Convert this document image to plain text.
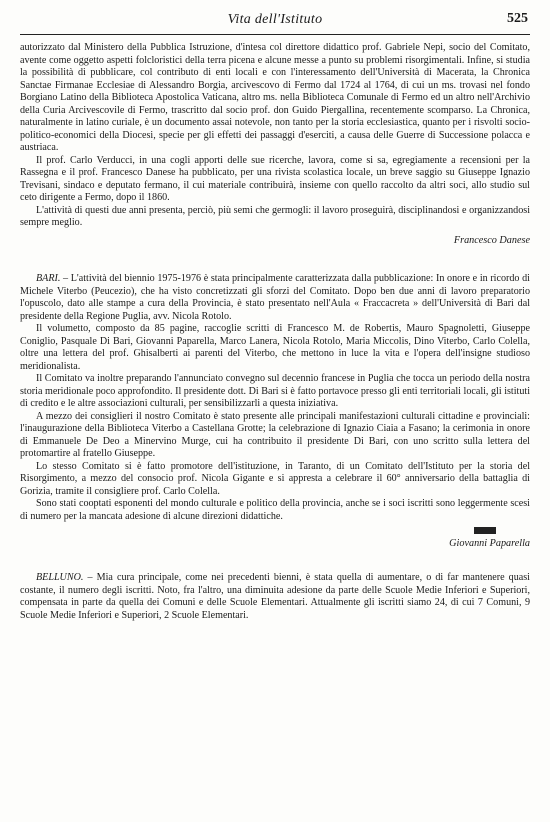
Vita dell'Istituto	525

autorizzato dal Ministero della Pubblica Istruzione, d'intesa col direttore didattico prof. Gabriele Nepi, socio del Comitato, avente come oggetto aspetti folcloristici della terra picena e alcune messe a punto su problemi risorgimentali. Infine, si studia la possibilità di pubblicare, col contributo di enti locali e con l'interessamento dell'Università di Macerata, la Chronica Sanctae Firmanae Ecclesiae di Alessandro Borgia, arcivescovo di Fermo dal 1724 al 1764, di cui un ms. trovasi nel fondo Borgiano Latino della Biblioteca Apostolica Vaticana, altro ms. nella Biblioteca Comunale di Fermo ed un altro nell'Archivio della Curia Arcivescovile di Fermo, trascritto dal socio prof. don Guido Piergallina, recentemente scomparso. La Chronica, naturalmente in latino curiale, è un documento assai notevole, non tanto per la storia ecclesiastica, quanto per i risvolti socio-politico-economici della Diocesi, specie per gli effetti dei passaggi d'eserciti, a causa delle Guerre di Successione polacca e austriaca.

Il prof. Carlo Verducci, in una cogli apporti delle sue ricerche, lavora, come si sa, egregiamente a recensioni per la Rassegna e il prof. Francesco Danese ha pubblicato, per una rivista scolastica locale, un breve saggio su Giuseppe Ignazio Trevisani, sindaco e deputato fermano, il cui materiale contribuirà, insieme con quello raccolto da altri soci, allo studio sul ceto dirigente a Fermo, dopo il 1860.

L'attività di questi due anni presenta, perciò, più semi che germogli: il lavoro proseguirà, disciplinandosi e organizzandosi sempre meglio.

Francesco Danese

BARI. – L'attività del biennio 1975-1976 è stata principalmente caratterizzata dalla pubblicazione: In onore e in ricordo di Michele Viterbo (Peucezio), che ha visto concretizzati gli sforzi del Comitato. Dopo ben due anni di lavoro preparatorio l'opuscolo, dato alle stampe a cura della Provincia, è stato presentato nell'Aula « Fraccacreta » dell'Università di Bari dal presidente della Regione Puglia, avv. Nicola Rotolo.

Il volumetto, composto da 85 pagine, raccoglie scritti di Francesco M. de Robertis, Mauro Spagnoletti, Giuseppe Coniglio, Pasquale Di Bari, Giovanni Paparella, Marco Lanera, Nicola Rotolo, Maria Miccolis, Dino Viterbo, Carlo Colella, oltre una lettera del prof. Ghisalberti ai parenti del Viterbo, che mettono in luce la vita e l'opera dell'insigne studioso meridionalista.

Il Comitato va inoltre preparando l'annunciato convegno sul decennio francese in Puglia che tocca un periodo della nostra storia meridionale poco approfondito. Il presidente dott. Di Bari si è fatto portavoce presso gli enti territoriali locali, gli istituti di credito e le altre associazioni culturali, per sensibilizzarli a questa iniziativa.

A mezzo dei consiglieri il nostro Comitato è stato presente alle principali manifestazioni culturali cittadine e provinciali: l'inaugurazione della Biblioteca Viterbo a Castellana Grotte; la celebrazione di Ignazio Ciaia a Fasano; la cerimonia in onore di Emmanuele De Deo a Minervino Murge, cui ha contribuito il presidente Di Bari, con uno scritto sulla lettera del protomartire al fratello Giuseppe.

Lo stesso Comitato si è fatto promotore dell'istituzione, in Taranto, di un Comitato dell'Istituto per la storia del Risorgimento, a mezzo del consocio prof. Nicola Gigante e si appresta a celebrare il 60° anniversario della battaglia di Gorizia, tramite il consigliere prof. Carlo Colella.

Sono stati cooptati esponenti del mondo culturale e politico della provincia, anche se i soci iscritti sono leggermente scesi di numero per la mancata adesione di alcune direzioni didattiche.

Giovanni Paparella

BELLUNO. – Mia cura principale, come nei precedenti bienni, è stata quella di aumentare, o di far mantenere quasi costante, il numero degli iscritti. Noto, fra l'altro, una diminuita adesione da parte delle Scuole Medie Inferiori e Superiori, compensata in parte da quella dei Comuni e delle Scuole Elementari. Attualmente gli iscritti siamo 24, di cui 7 Comuni, 9 Scuole Medie Inferiori e Superiori, 2 Scuole Elementari.
